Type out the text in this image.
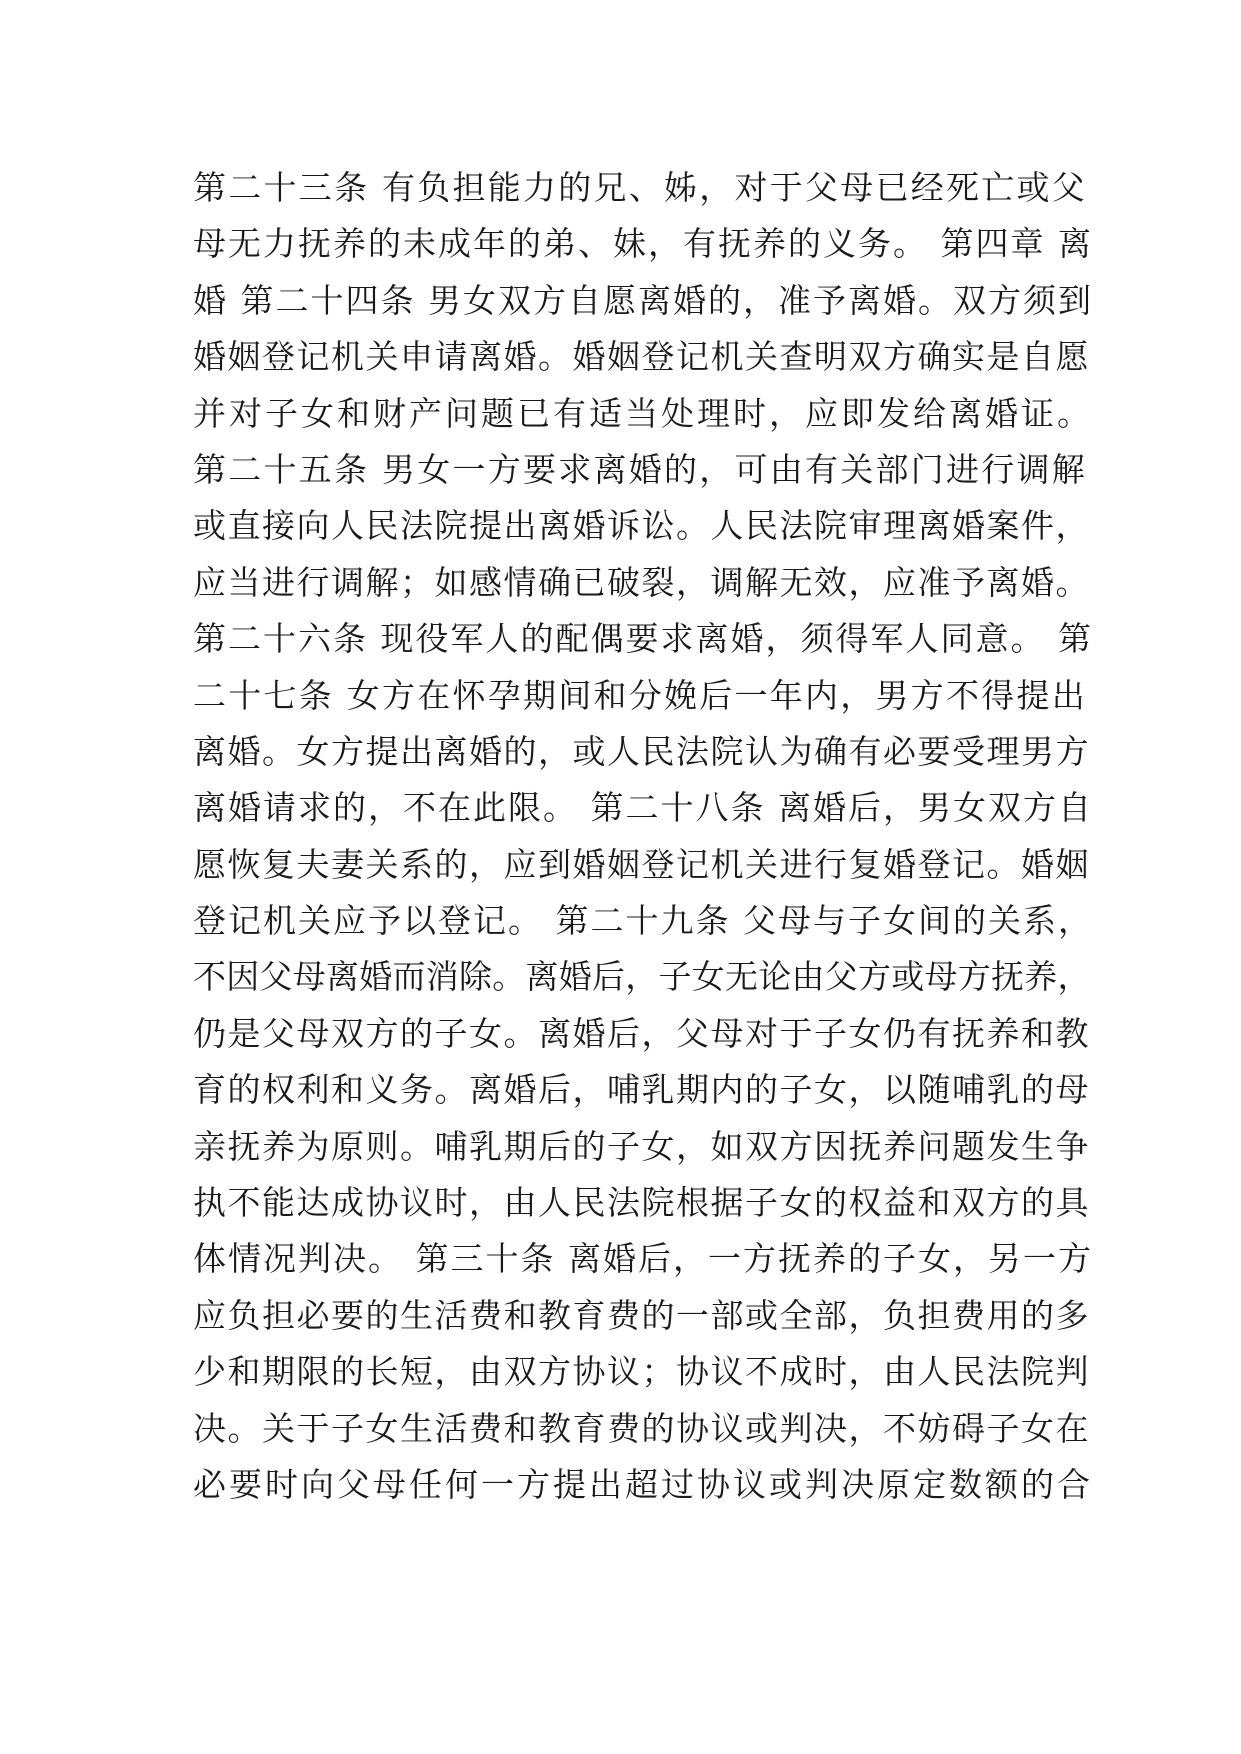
第二十三条 有负担能力的兄、姊，对于父母已经死亡或父
母无力抚养的未成年的弟、妹，有抚养的义务。 第四章 离
婚 第二十四条 男女双方自愿离婚的，准予离婚。双方须到
婚姻登记机关申请离婚。婚姻登记机关查明双方确实是自愿
并对子女和财产问题已有适当处理时，应即发给离婚证。
第二十五条 男女一方要求离婚的，可由有关部门进行调解
或直接向人民法院提出离婚诉讼。人民法院审理离婚案件，
应当进行调解；如感情确已破裂，调解无效，应准予离婚。
第二十六条 现役军人的配偶要求离婚，须得军人同意。 第
二十七条 女方在怀孕期间和分娩后一年内，男方不得提出
离婚。女方提出离婚的，或人民法院认为确有必要受理男方
离婚请求的，不在此限。 第二十八条 离婚后，男女双方自
愿恢复夫妻关系的，应到婚姻登记机关进行复婚登记。婚姻
登记机关应予以登记。 第二十九条 父母与子女间的关系，
不因父母离婚而消除。离婚后，子女无论由父方或母方抚养，
仍是父母双方的子女。离婚后，父母对于子女仍有抚养和教
育的权利和义务。离婚后，哺乳期内的子女，以随哺乳的母
亲抚养为原则。哺乳期后的子女，如双方因抚养问题发生争
执不能达成协议时，由人民法院根据子女的权益和双方的具
体情况判决。 第三十条 离婚后，一方抚养的子女，另一方
应负担必要的生活费和教育费的一部或全部，负担费用的多
少和期限的长短，由双方协议；协议不成时，由人民法院判
决。关于子女生活费和教育费的协议或判决，不妨碍子女在
必要时向父母任何一方提出超过协议或判决原定数额的合
